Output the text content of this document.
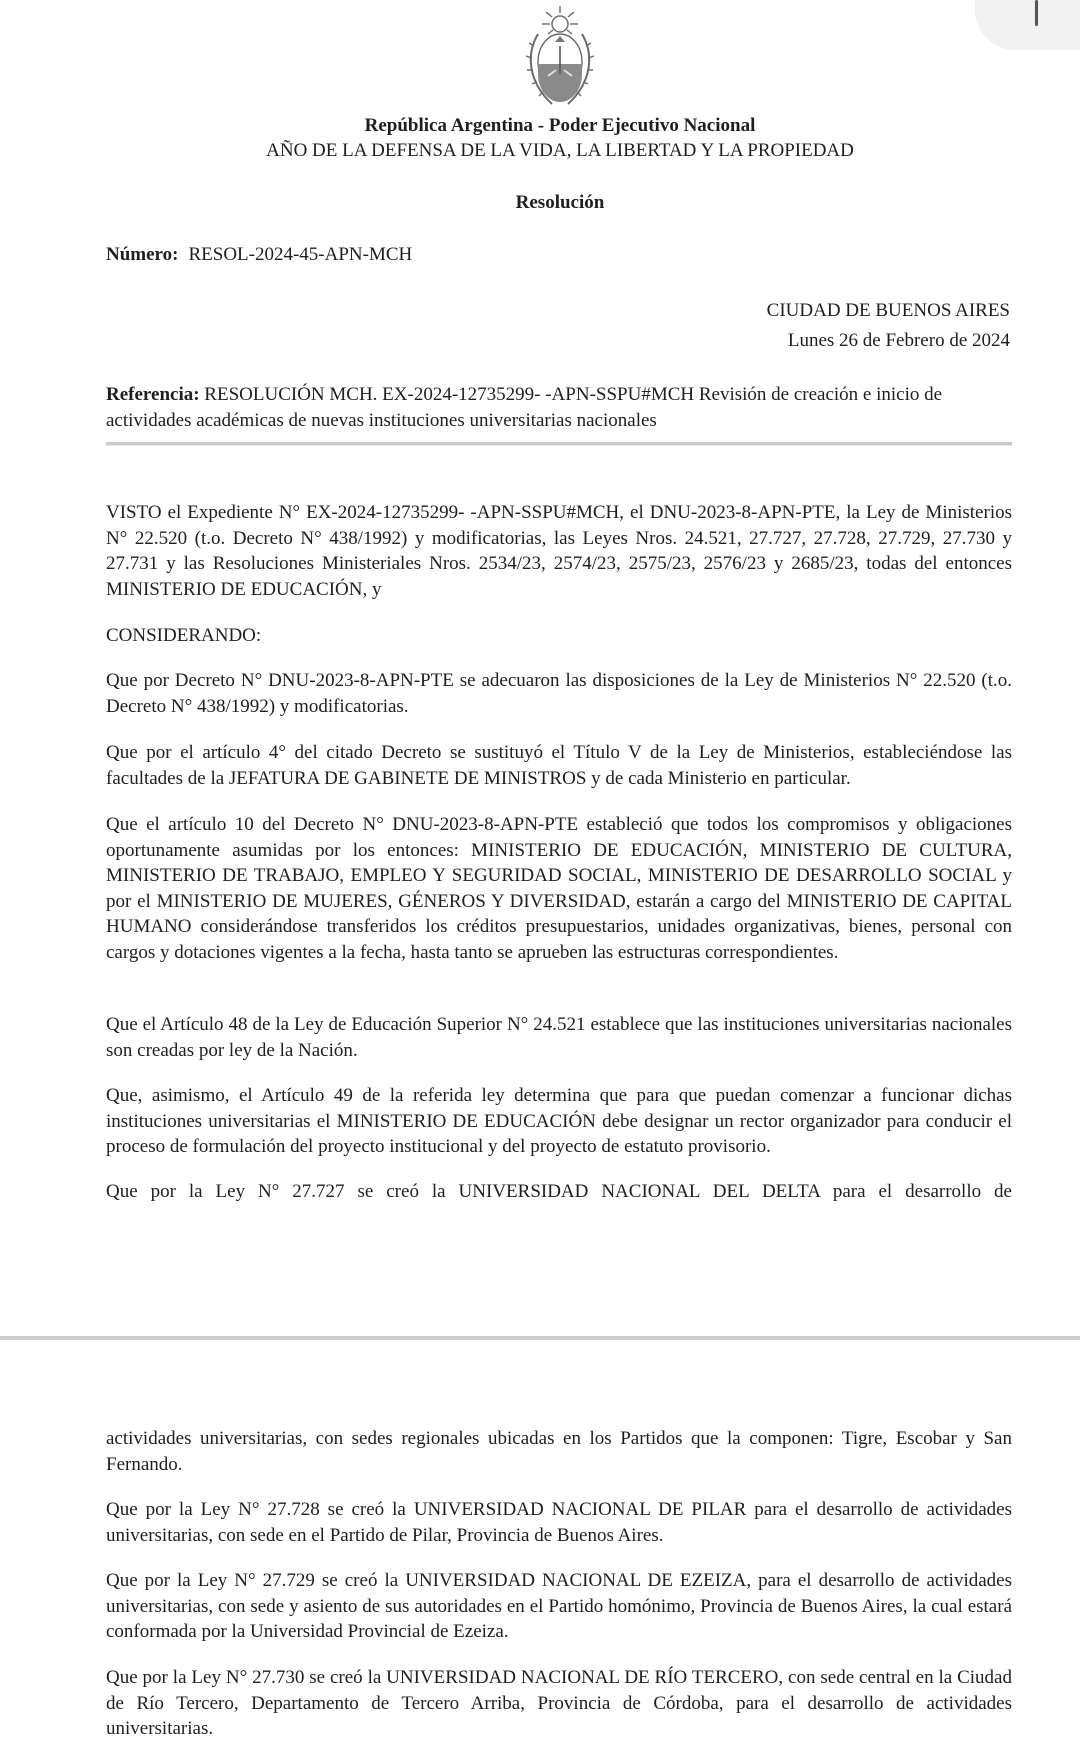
República Argentina - Poder Ejecutivo Nacional
AÑO DE LA DEFENSA DE LA VIDA, LA LIBERTAD Y LA PROPIEDAD
Resolución
Número: RESOL-2024-45-APN-MCH
CIUDAD DE BUENOS AIRES
Lunes 26 de Febrero de 2024
Referencia: RESOLUCIÓN MCH. EX-2024-12735299- -APN-SSPU#MCH Revisión de creación e inicio de actividades académicas de nuevas instituciones universitarias nacionales

VISTO el Expediente N° EX-2024-12735299- -APN-SSPU#MCH, el DNU-2023-8-APN-PTE, la Ley de Ministerios N° 22.520 (t.o. Decreto N° 438/1992) y modificatorias, las Leyes Nros. 24.521, 27.727, 27.728, 27.729, 27.730 y 27.731 y las Resoluciones Ministeriales Nros. 2534/23, 2574/23, 2575/23, 2576/23 y 2685/23, todas del entonces MINISTERIO DE EDUCACIÓN, y

CONSIDERANDO:

Que por Decreto N° DNU-2023-8-APN-PTE se adecuaron las disposiciones de la Ley de Ministerios N° 22.520 (t.o. Decreto N° 438/1992) y modificatorias.

Que por el artículo 4° del citado Decreto se sustituyó el Título V de la Ley de Ministerios, estableciéndose las facultades de la JEFATURA DE GABINETE DE MINISTROS y de cada Ministerio en particular.

Que el artículo 10 del Decreto N° DNU-2023-8-APN-PTE estableció que todos los compromisos y obligaciones oportunamente asumidas por los entonces: MINISTERIO DE EDUCACIÓN, MINISTERIO DE CULTURA, MINISTERIO DE TRABAJO, EMPLEO Y SEGURIDAD SOCIAL, MINISTERIO DE DESARROLLO SOCIAL y por el MINISTERIO DE MUJERES, GÉNEROS Y DIVERSIDAD, estarán a cargo del MINISTERIO DE CAPITAL HUMANO considerándose transferidos los créditos presupuestarios, unidades organizativas, bienes, personal con cargos y dotaciones vigentes a la fecha, hasta tanto se aprueben las estructuras correspondientes.

Que el Artículo 48 de la Ley de Educación Superior N° 24.521 establece que las instituciones universitarias nacionales son creadas por ley de la Nación.

Que, asimismo, el Artículo 49 de la referida ley determina que para que puedan comenzar a funcionar dichas instituciones universitarias el MINISTERIO DE EDUCACIÓN debe designar un rector organizador para conducir el proceso de formulación del proyecto institucional y del proyecto de estatuto provisorio.

Que por la Ley N° 27.727 se creó la UNIVERSIDAD NACIONAL DEL DELTA para el desarrollo de

actividades universitarias, con sedes regionales ubicadas en los Partidos que la componen: Tigre, Escobar y San Fernando.

Que por la Ley N° 27.728 se creó la UNIVERSIDAD NACIONAL DE PILAR para el desarrollo de actividades universitarias, con sede en el Partido de Pilar, Provincia de Buenos Aires.

Que por la Ley N° 27.729 se creó la UNIVERSIDAD NACIONAL DE EZEIZA, para el desarrollo de actividades universitarias, con sede y asiento de sus autoridades en el Partido homónimo, Provincia de Buenos Aires, la cual estará conformada por la Universidad Provincial de Ezeiza.

Que por la Ley N° 27.730 se creó la UNIVERSIDAD NACIONAL DE RÍO TERCERO, con sede central en la Ciudad de Río Tercero, Departamento de Tercero Arriba, Provincia de Córdoba, para el desarrollo de actividades universitarias.
